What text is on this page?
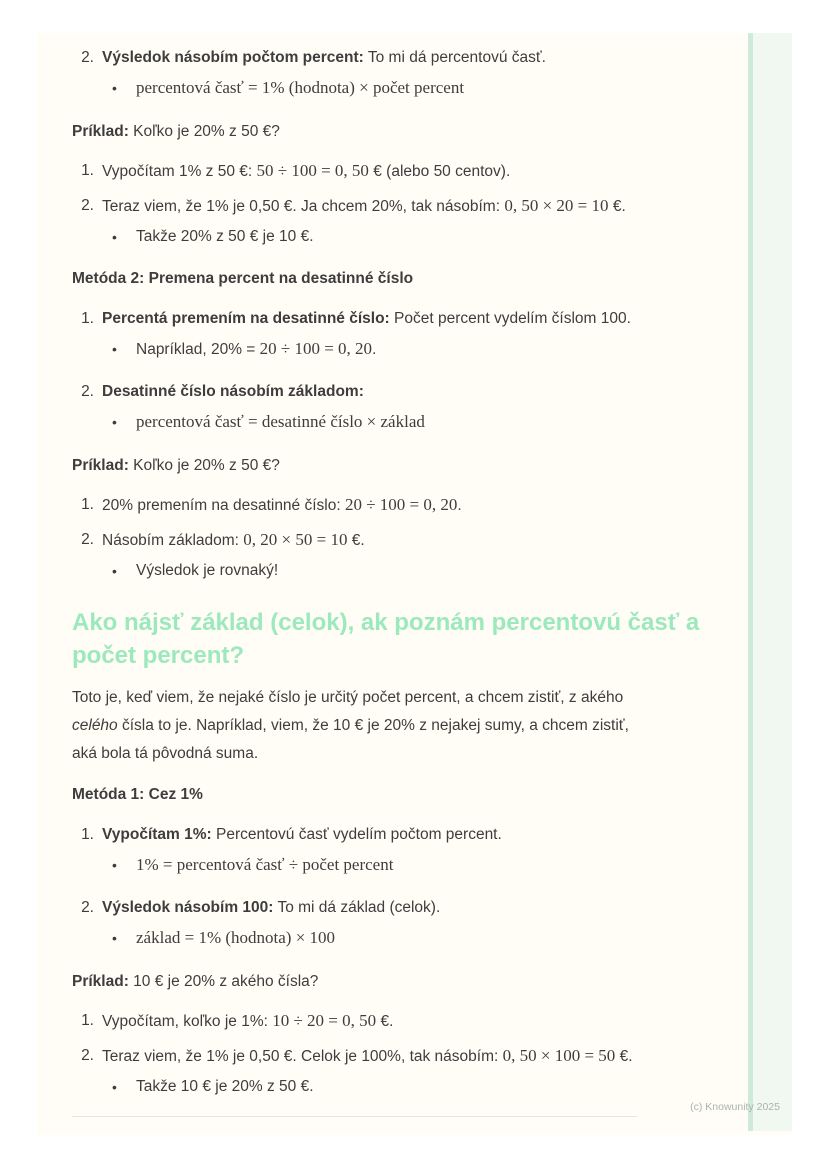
2. Výsledok násobím počtom percent: To mi dá percentovú časť.
• percentová časť = 1% (hodnota) × počet percent
Príklad: Koľko je 20% z 50 €?
1. Vypočítam 1% z 50 €: 50 ÷ 100 = 0, 50 € (alebo 50 centov).
2. Teraz viem, že 1% je 0,50 €. Ja chcem 20%, tak násobím: 0, 50 × 20 = 10 €.
•	Takže 20% z 50 € je 10 €.
Metóda 2: Premena percent na desatinné číslo
1. Percentá premením na desatinné číslo: Počet percent vydelím číslom 100.
•	Napríklad, 20% = 20 ÷ 100 = 0, 20.
2. Desatinné číslo násobím základom:
• percentová časť = desatinné číslo × základ
Príklad: Koľko je 20% z 50 €?
1. 20% premením na desatinné číslo: 20 ÷ 100 = 0, 20.
2. Násobím základom: 0, 20 × 50 = 10 €.
•	Výsledok je rovnaký!
Ako nájsť základ (celok), ak poznám percentovú časť a
počet percent?
Toto je, keď viem, že nejaké číslo je určitý počet percent, a chcem zistiť, z akého
celého čísla to je. Napríklad, viem, že 10 € je 20% z nejakej sumy, a chcem zistiť,
aká bola tá pôvodná suma.
Metóda 1: Cez 1%
1. Vypočítam 1%: Percentovú časť vydelím počtom percent.
• 1% = percentová časť ÷ počet percent
2. Výsledok násobím 100: To mi dá základ (celok).
• základ = 1% (hodnota) × 100
Príklad: 10 € je 20% z akého čísla?
1. Vypočítam, koľko je 1%: 10 ÷ 20 = 0, 50 €.
2. Teraz viem, že 1% je 0,50 €. Celok je 100%, tak násobím: 0, 50 × 100 = 50 €.
•	Takže 10 € je 20% z 50 €.
(c) Knowunity 2025
